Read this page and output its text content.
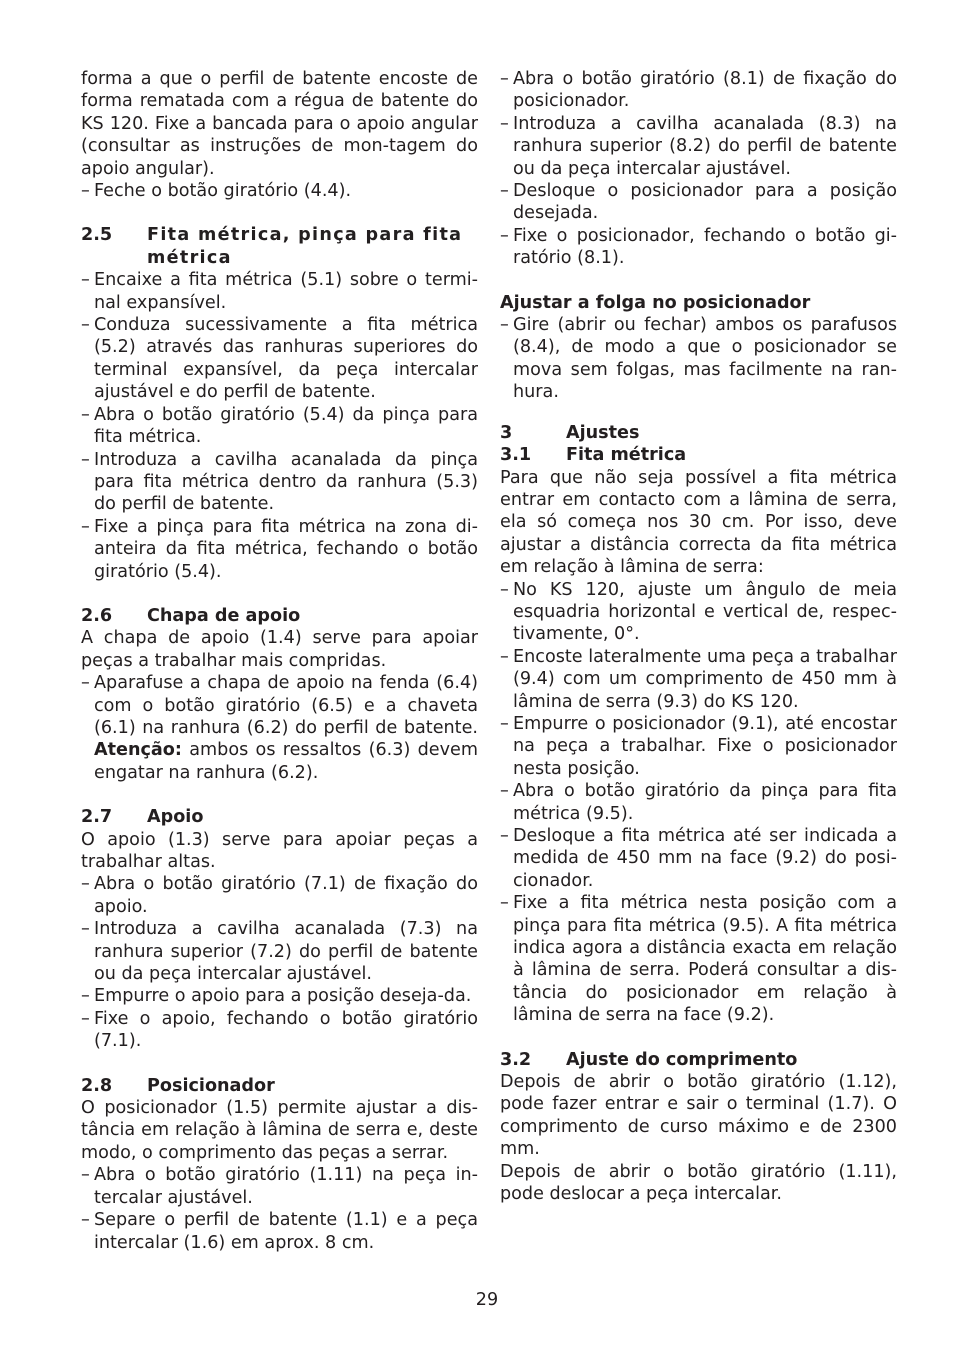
forma a que o perfil de batente encoste de forma rematada com a régua de batente do KS 120. Fixe a bancada para o apoio angular (consultar as instruções de mon-tagem do apoio angular).

– Feche o botão giratório (4.4).

2.5	Fita métrica, pinça para fita métrica

– Encaixe a fita métrica (5.1) sobre o termi-nal expansível.

– Conduza sucessivamente a fita métrica (5.2) através das ranhuras superiores do terminal expansível, da peça intercalar ajustável e do perfil de batente.

– Abra o botão giratório (5.4) da pinça para fita métrica.

– Introduza a cavilha acanalada da pinça para fita métrica dentro da ranhura (5.3) do perfil de batente.

– Fixe a pinça para fita métrica na zona di-anteira da fita métrica, fechando o botão giratório (5.4).

2.6 Chapa de apoio

A chapa de apoio (1.4) serve para apoiar peças a trabalhar mais compridas.

– Aparafuse a chapa de apoio na fenda (6.4) com o botão giratório (6.5) e a chaveta (6.1) na ranhura (6.2) do perfil de batente. Atenção: ambos os ressaltos (6.3) devem engatar na ranhura (6.2).

2.7 Apoio

O apoio (1.3) serve para apoiar peças a trabalhar altas.

– Abra o botão giratório (7.1) de fixação do apoio.

– Introduza a cavilha acanalada (7.3) na ranhura superior (7.2) do perfil de batente ou da peça intercalar ajustável.

– Empurre o apoio para a posição deseja-da.

– Fixe o apoio, fechando o botão giratório (7.1).

2.8 Posicionador

O posicionador (1.5) permite ajustar a dis-tância em relação à lâmina de serra e, deste modo, o comprimento das peças a serrar.

– Abra o botão giratório (1.11) na peça in-tercalar ajustável.

– Separe o perfil de batente (1.1) e a peça intercalar (1.6) em aprox. 8 cm.

– Abra o botão giratório (8.1) de fixação do posicionador.

– Introduza a cavilha acanalada (8.3) na ranhura superior (8.2) do perfil de batente ou da peça intercalar ajustável.

– Desloque o posicionador para a posição desejada.

– Fixe o posicionador, fechando o botão gi-ratório (8.1).

Ajustar a folga no posicionador

– Gire (abrir ou fechar) ambos os parafusos (8.4), de modo a que o posicionador se mova sem folgas, mas facilmente na ran-hura.

3	Ajustes

3.1 Fita métrica

Para que não seja possível a fita métrica entrar em contacto com a lâmina de serra, ela só começa nos 30 cm. Por isso, deve ajustar a distância correcta da fita métrica em relação à lâmina de serra:

– No KS 120, ajuste um ângulo de meia esquadria horizontal e vertical de, respec-tivamente, 0°.

– Encoste lateralmente uma peça a trabalhar (9.4) com um comprimento de 450 mm à lâmina de serra (9.3) do KS 120.

– Empurre o posicionador (9.1), até encostar na peça a trabalhar. Fixe o posicionador nesta posição.

– Abra o botão giratório da pinça para fita métrica (9.5).

– Desloque a fita métrica até ser indicada a medida de 450 mm na face (9.2) do posi-cionador.

– Fixe a fita métrica nesta posição com a pinça para fita métrica (9.5). A fita métrica indica agora a distância exacta em relação à lâmina de serra. Poderá consultar a dis-tância do posicionador em relação à lâmina de serra na face (9.2).

3.2 Ajuste do comprimento

Depois de abrir o botão giratório (1.12), pode fazer entrar e sair o terminal (1.7). O comprimento de curso máximo e de 2300 mm.

Depois de abrir o botão giratório (1.11), pode deslocar a peça intercalar.

29
